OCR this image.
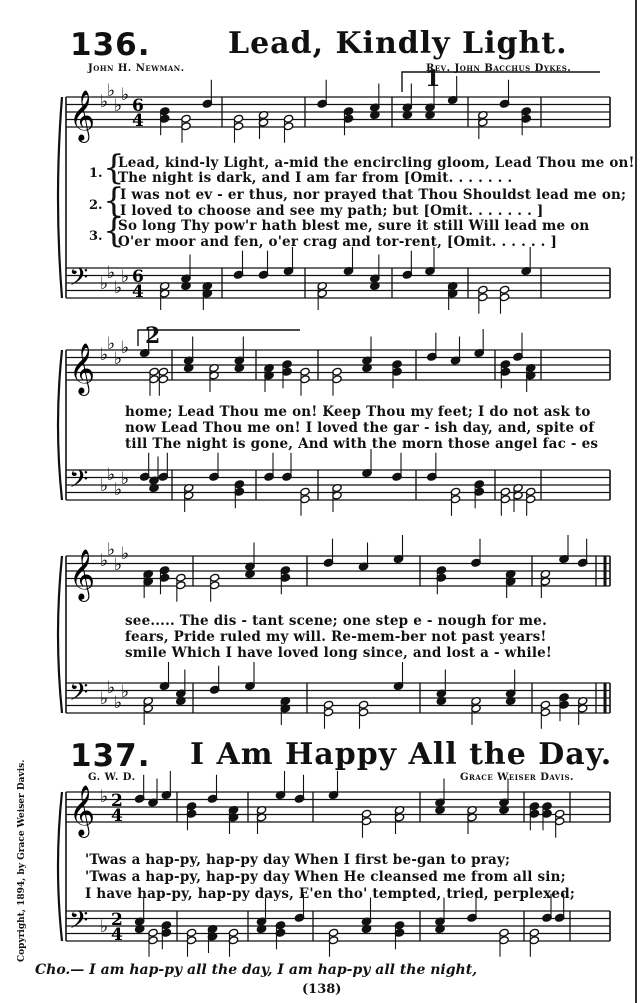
𝄞
𝄢
♭
♭
♭
♭
♭
♭
♭
♭
6
4
6
4
𝄞
𝄢
♭
♭
♭
♭
♭
♭
♭
♭
𝄞
𝄢
♭
♭
♭
♭
♭
♭
♭
♭
𝄞
𝄢
♭
♭
2
4
2
4
136.	Lead, Kindly Light.
John H. Newman.	Rev. John Bacchus Dykes.
1
2
1. {
Lead, kind-ly Light, a-mid the encircling gloom, Lead Thou me on!
The night is dark, and I am far from [Omit. . . . . . .
2. {
I was not ev - er thus, nor prayed that Thou Shouldst lead me on;
I loved to choose and see my path; but [Omit. . . . . . . ]
3. {
So long Thy pow'r hath blest me, sure it still Will lead me on
O'er moor and fen, o'er crag and tor-rent, [Omit. . . . . . ]
home; Lead Thou me on! Keep Thou my feet; I do not ask to
now Lead Thou me on! I loved the gar - ish day, and, spite of
till The night is gone, And with the morn those angel fac - es
see..... The dis - tant scene; one step e - nough for me.
fears, Pride ruled my will. Re-mem-ber not past years!
smile Which I have loved long since, and lost a - while!
137. I Am Happy All the Day.
G. W. D.	Grace Weiser Davis.
Copyright, 1894, by Grace Weiser Davis.	'Twas a hap-py, hap-py day When I first be-gan to pray;
'Twas a hap-py, hap-py day When He cleansed me from all sin;
I have hap-py, hap-py days, E'en tho' tempted, tried, perplexed;
Cho.— I am hap-py all the day, I am hap-py all the night,
(138)
